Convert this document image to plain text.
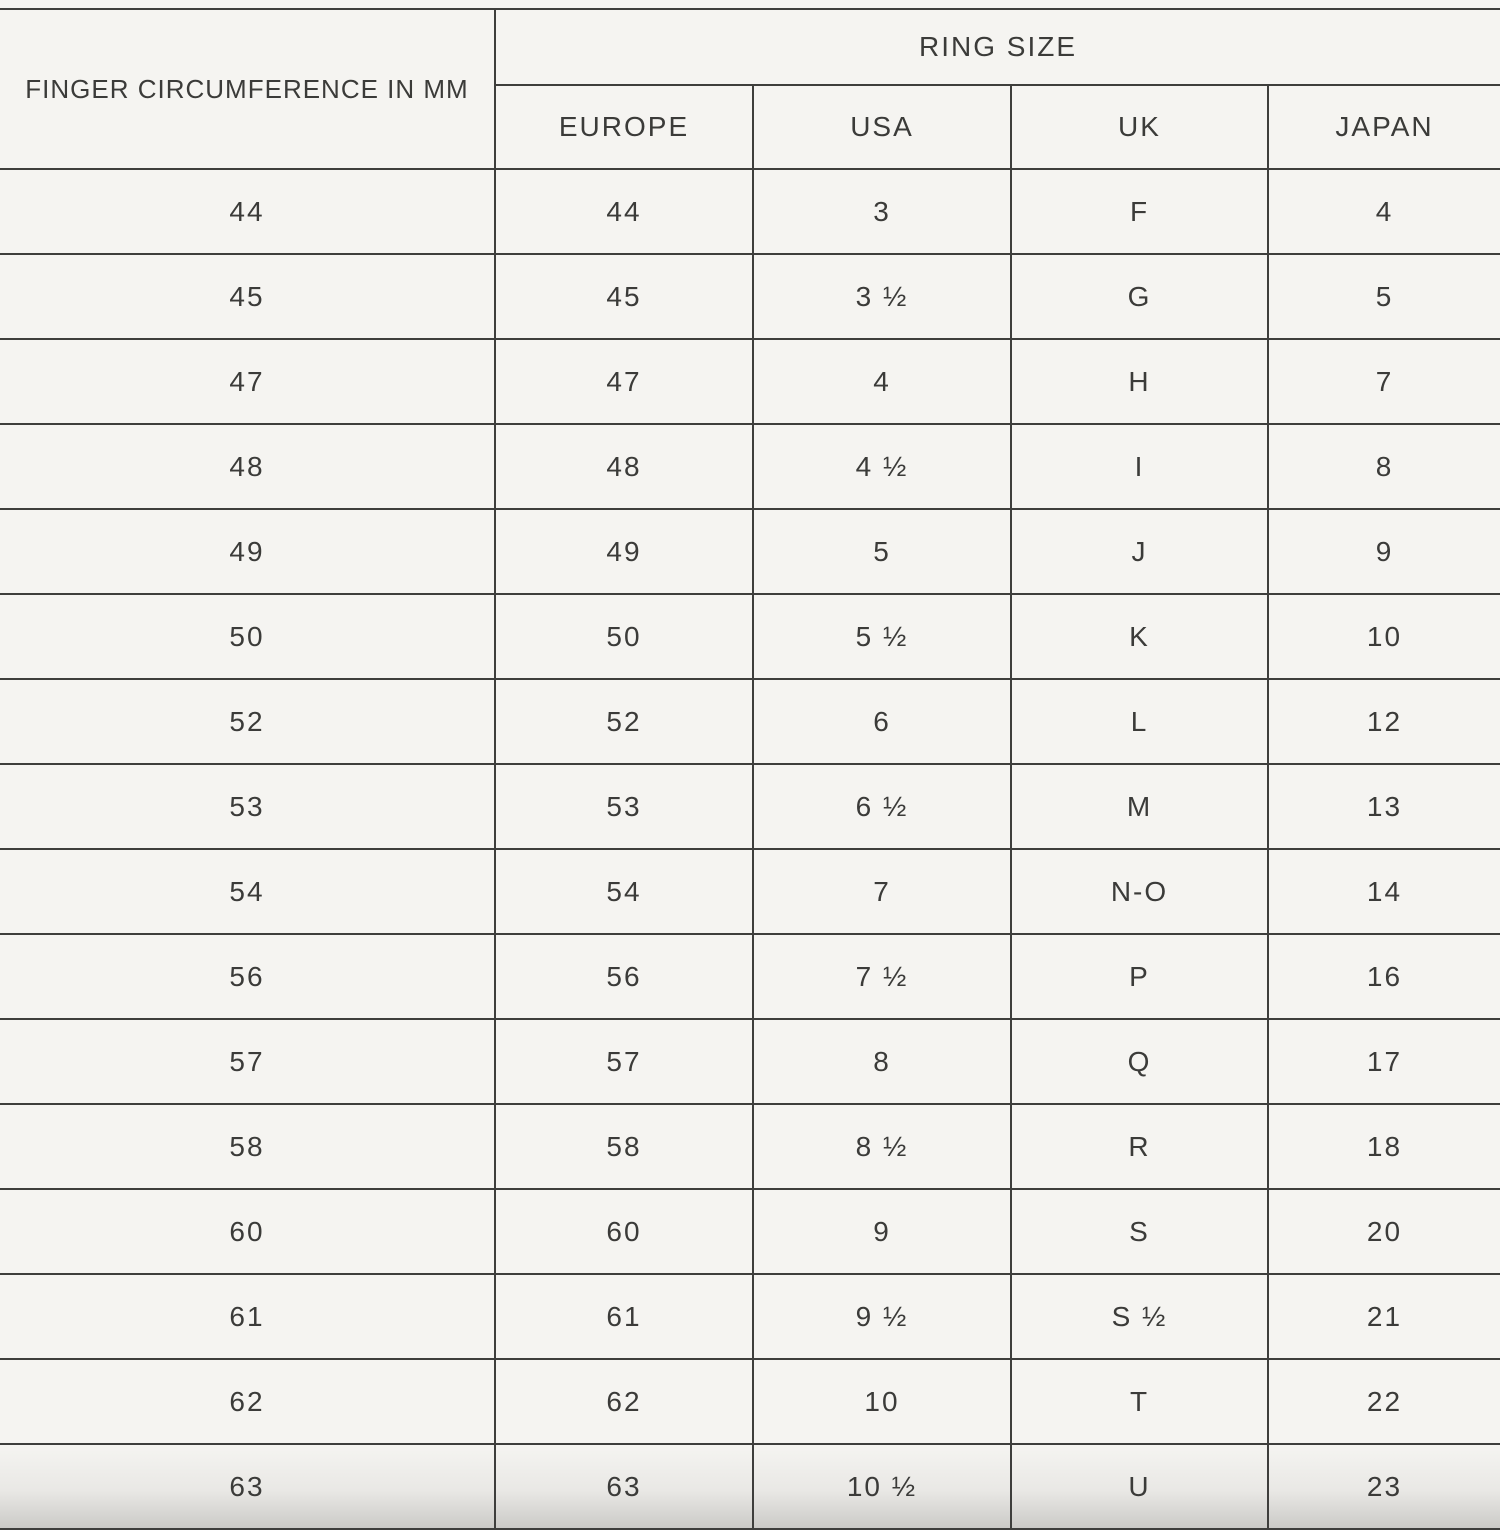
FINGER CIRCUMFERENCE IN MM	RING SIZE			
	EUROPE	USA	UK	JAPAN
44	44	3	F	4
45	45	3 ½	G	5
47	47	4	H	7
48	48	4 ½	I	8
49	49	5	J	9
50	50	5 ½	K	10
52	52	6	L	12
53	53	6 ½	M	13
54	54	7	N-O	14
56	56	7 ½	P	16
57	57	8	Q	17
58	58	8 ½	R	18
60	60	9	S	20
61	61	9 ½	S ½	21
62	62	10	T	22
63	63	10 ½	U	23
